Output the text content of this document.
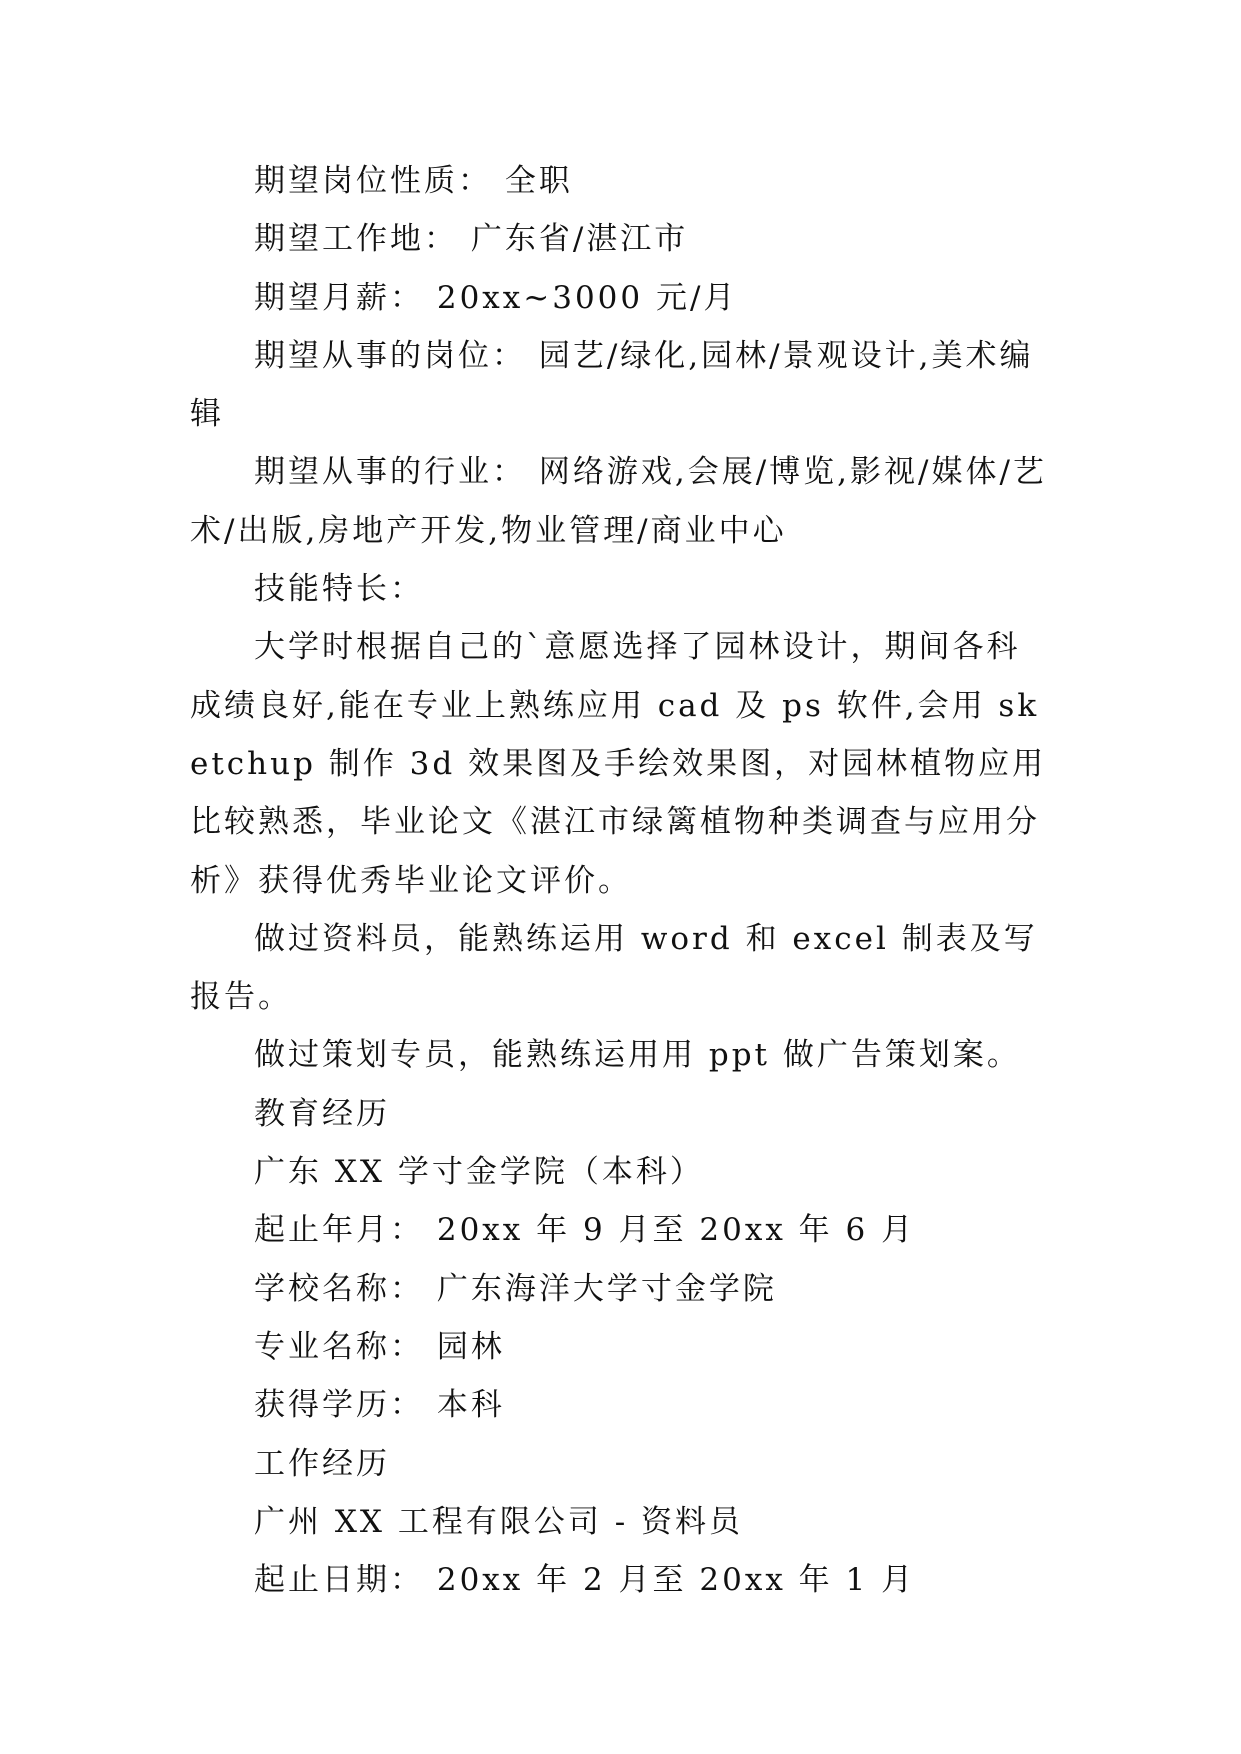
期望岗位性质： 全职

期望工作地： 广东省/湛江市

期望月薪： 20xx~3000 元/月

期望从事的岗位： 园艺/绿化,园林/景观设计,美术编辑

期望从事的行业： 网络游戏,会展/博览,影视/媒体/艺术/出版,房地产开发,物业管理/商业中心

技能特长：

大学时根据自己的`意愿选择了园林设计，期间各科成绩良好,能在专业上熟练应用 cad 及 ps 软件,会用 sketchup 制作 3d 效果图及手绘效果图，对园林植物应用比较熟悉，毕业论文《湛江市绿篱植物种类调查与应用分析》获得优秀毕业论文评价。

做过资料员，能熟练运用 word 和 excel 制表及写报告。

做过策划专员，能熟练运用用 ppt 做广告策划案。

教育经历

广东 XX 学寸金学院（本科）

起止年月： 20xx 年 9 月至 20xx 年 6 月

学校名称： 广东海洋大学寸金学院

专业名称： 园林

获得学历： 本科

工作经历

广州 XX 工程有限公司 - 资料员

起止日期： 20xx 年 2 月至 20xx 年 1 月
